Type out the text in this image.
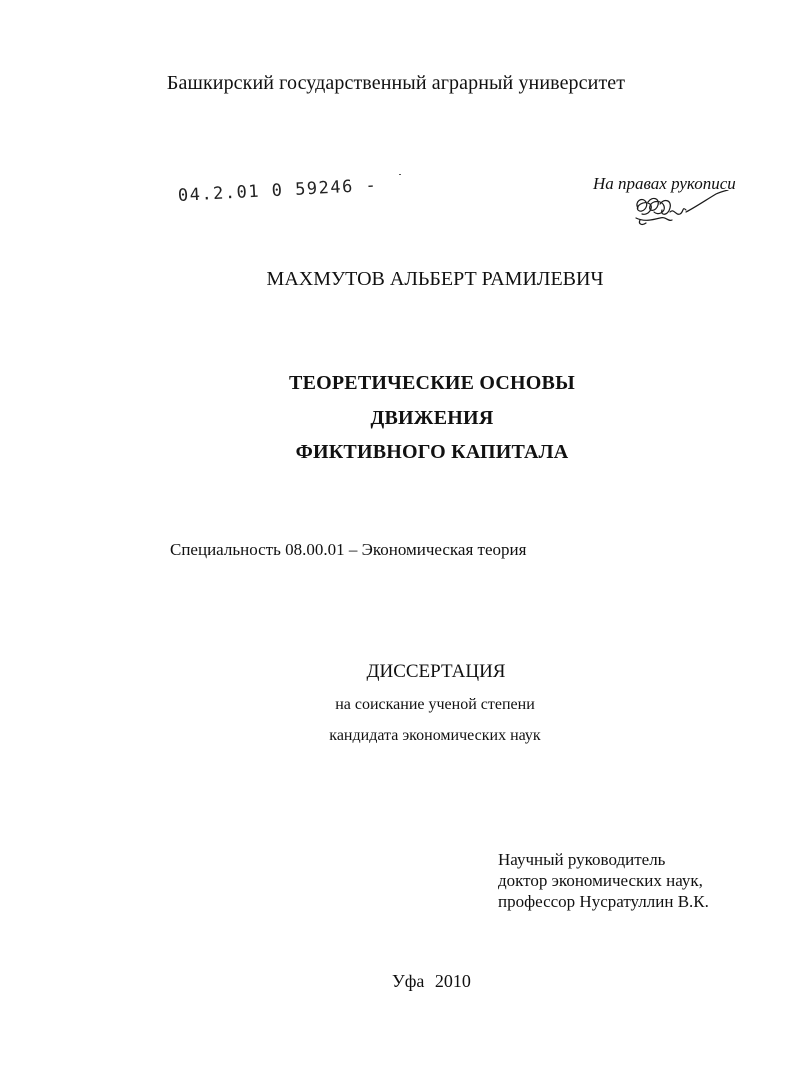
Башкирский государственный аграрный университет
04.2.01 0 59246 -	На правах рукописи
МАХМУТОВ АЛЬБЕРТ РАМИЛЕВИЧ
ТЕОРЕТИЧЕСКИЕ ОСНОВЫ
ДВИЖЕНИЯ
ФИКТИВНОГО КАПИТАЛА
Специальность 08.00.01 – Экономическая теория
ДИССЕРТАЦИЯ
на соискание ученой степени
кандидата экономических наук
Научный руководитель
доктор экономических наук,
профессор Нусратуллин В.К.
Уфа 2010
